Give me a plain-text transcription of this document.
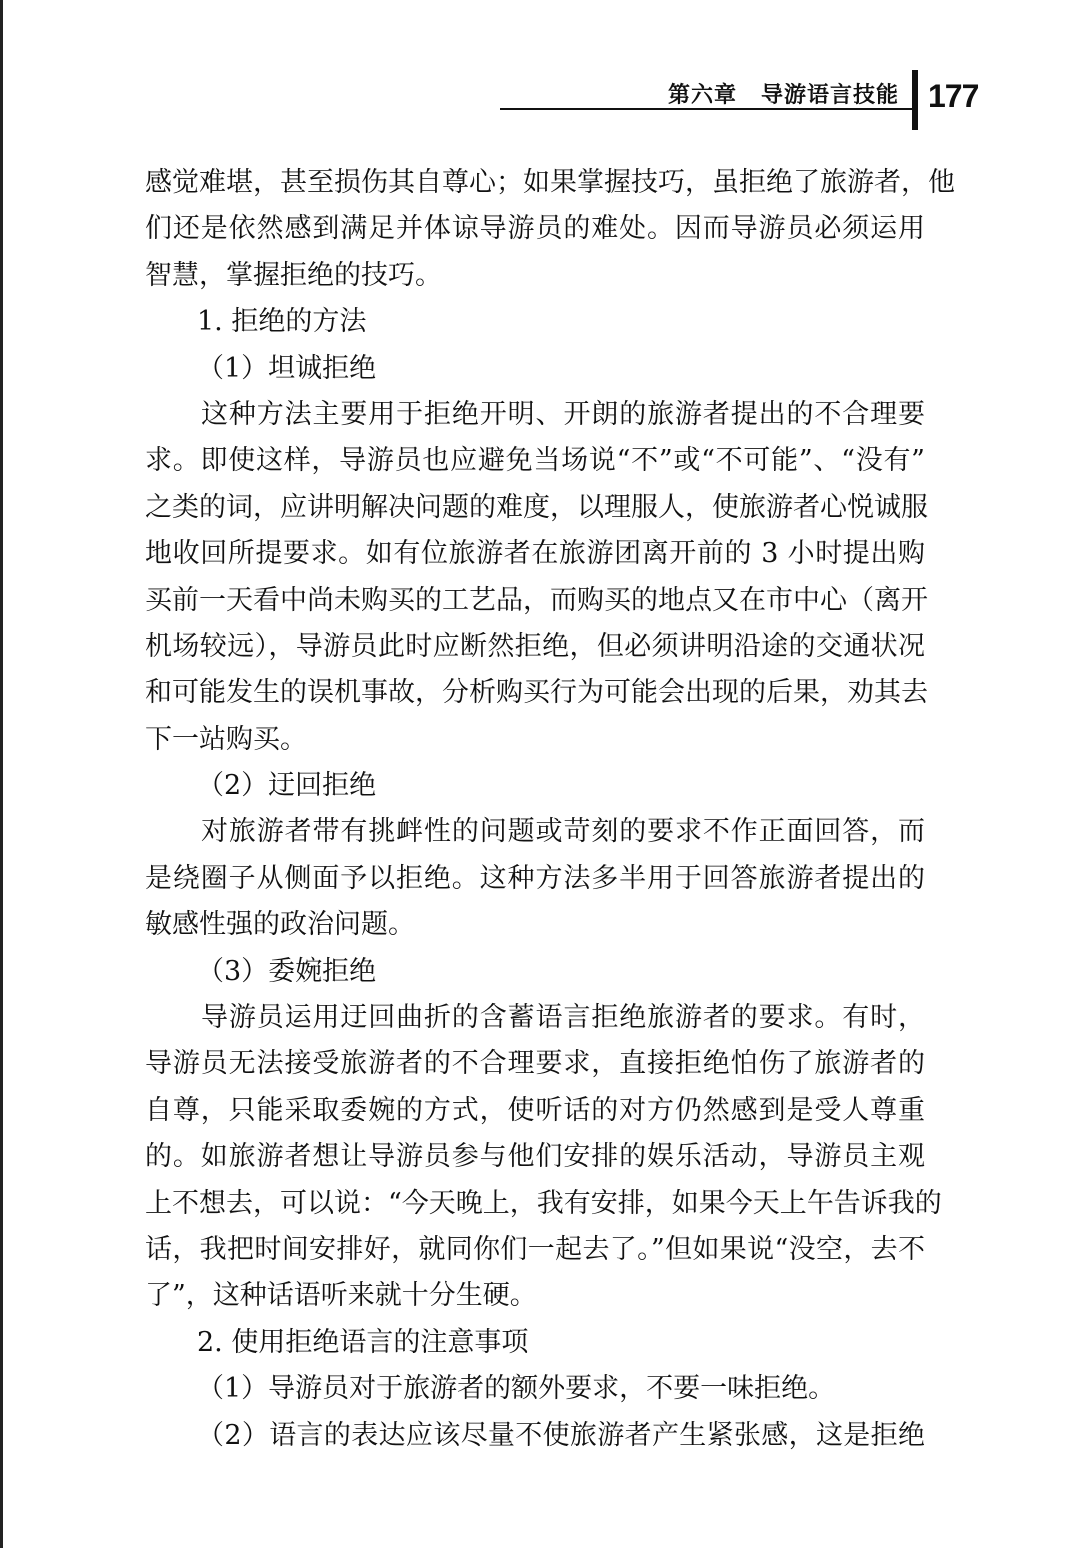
第六章 导游语言技能 177
感觉难堪，甚至损伤其自尊心；如果掌握技巧，虽拒绝了旅游者，他
们还是依然感到满足并体谅导游员的难处。因而导游员必须运用
智慧，掌握拒绝的技巧。
1. 拒绝的方法
（1）坦诚拒绝
这种方法主要用于拒绝开明、开朗的旅游者提出的不合理要
求。即使这样，导游员也应避免当场说“不”或“不可能”、“没有”
之类的词，应讲明解决问题的难度，以理服人，使旅游者心悦诚服
地收回所提要求。如有位旅游者在旅游团离开前的 3 小时提出购
买前一天看中尚未购买的工艺品，而购买的地点又在市中心（离开
机场较远），导游员此时应断然拒绝，但必须讲明沿途的交通状况
和可能发生的误机事故，分析购买行为可能会出现的后果，劝其去
下一站购买。
（2）迂回拒绝
对旅游者带有挑衅性的问题或苛刻的要求不作正面回答，而
是绕圈子从侧面予以拒绝。这种方法多半用于回答旅游者提出的
敏感性强的政治问题。
（3）委婉拒绝
导游员运用迂回曲折的含蓄语言拒绝旅游者的要求。有时，
导游员无法接受旅游者的不合理要求，直接拒绝怕伤了旅游者的
自尊，只能采取委婉的方式，使听话的对方仍然感到是受人尊重
的。如旅游者想让导游员参与他们安排的娱乐活动，导游员主观
上不想去，可以说：“今天晚上，我有安排，如果今天上午告诉我的
话，我把时间安排好，就同你们一起去了。”但如果说“没空，去不
了”，这种话语听来就十分生硬。
2. 使用拒绝语言的注意事项
（1）导游员对于旅游者的额外要求，不要一味拒绝。
（2）语言的表达应该尽量不使旅游者产生紧张感，这是拒绝
